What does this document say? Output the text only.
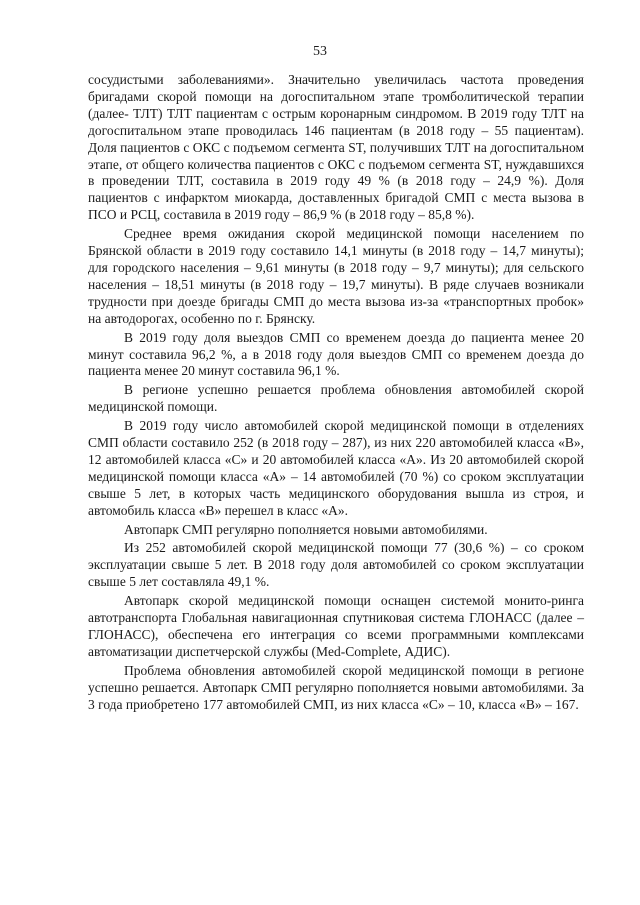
53

сосудистыми заболеваниями». Значительно увеличилась частота проведения бригадами скорой помощи на догоспитальном этапе тромболитической терапии (далее- ТЛТ) ТЛТ пациентам с острым коронарным синдромом. В 2019 году ТЛТ на догоспитальном этапе проводилась 146 пациентам (в 2018 году – 55 пациентам). Доля пациентов с ОКС с подъемом сегмента ST, получивших ТЛТ на догоспитальном этапе, от общего количества пациентов с ОКС с подъемом сегмента ST, нуждавшихся в проведении ТЛТ, составила в 2019 году 49 % (в 2018 году – 24,9 %). Доля пациентов с инфарктом миокарда, доставленных бригадой СМП с места вызова в ПСО и РСЦ, составила в 2019 году – 86,9 % (в 2018 году – 85,8 %).

Среднее время ожидания скорой медицинской помощи населением по Брянской области в 2019 году составило 14,1 минуты (в 2018 году – 14,7 минуты); для городского населения – 9,61 минуты (в 2018 году – 9,7 минуты); для сельского населения – 18,51 минуты (в 2018 году – 19,7 минуты). В ряде случаев возникали трудности при доезде бригады СМП до места вызова из-за «транспортных пробок» на автодорогах, особенно по г. Брянску.

В 2019 году доля выездов СМП со временем доезда до пациента менее 20 минут составила 96,2 %, а в 2018 году доля выездов СМП со временем доезда до пациента менее 20 минут составила 96,1 %.

В регионе успешно решается проблема обновления автомобилей скорой медицинской помощи.

В 2019 году число автомобилей скорой медицинской помощи в отделениях СМП области составило 252 (в 2018 году – 287), из них 220 автомобилей класса «В», 12 автомобилей класса «С» и 20 автомобилей класса «А». Из 20 автомобилей скорой медицинской помощи класса «А» – 14 автомобилей (70 %) со сроком эксплуатации свыше 5 лет, в которых часть медицинского оборудования вышла из строя, и автомобиль класса «В» перешел в класс «А».

Автопарк СМП регулярно пополняется новыми автомобилями.

Из 252 автомобилей скорой медицинской помощи 77 (30,6 %) – со сроком эксплуатации свыше 5 лет. В 2018 году доля автомобилей со сроком эксплуатации свыше 5 лет составляла 49,1 %.

Автопарк скорой медицинской помощи оснащен системой монито-ринга автотранспорта Глобальная навигационная спутниковая система ГЛОНАСС (далее – ГЛОНАСС), обеспечена его интеграция со всеми программными комплексами автоматизации диспетчерской службы (Med-Complete, АДИС).

Проблема обновления автомобилей скорой медицинской помощи в регионе успешно решается. Автопарк СМП регулярно пополняется новыми автомобилями. За 3 года приобретено 177 автомобилей СМП, из них класса «С» – 10, класса «В» – 167.
